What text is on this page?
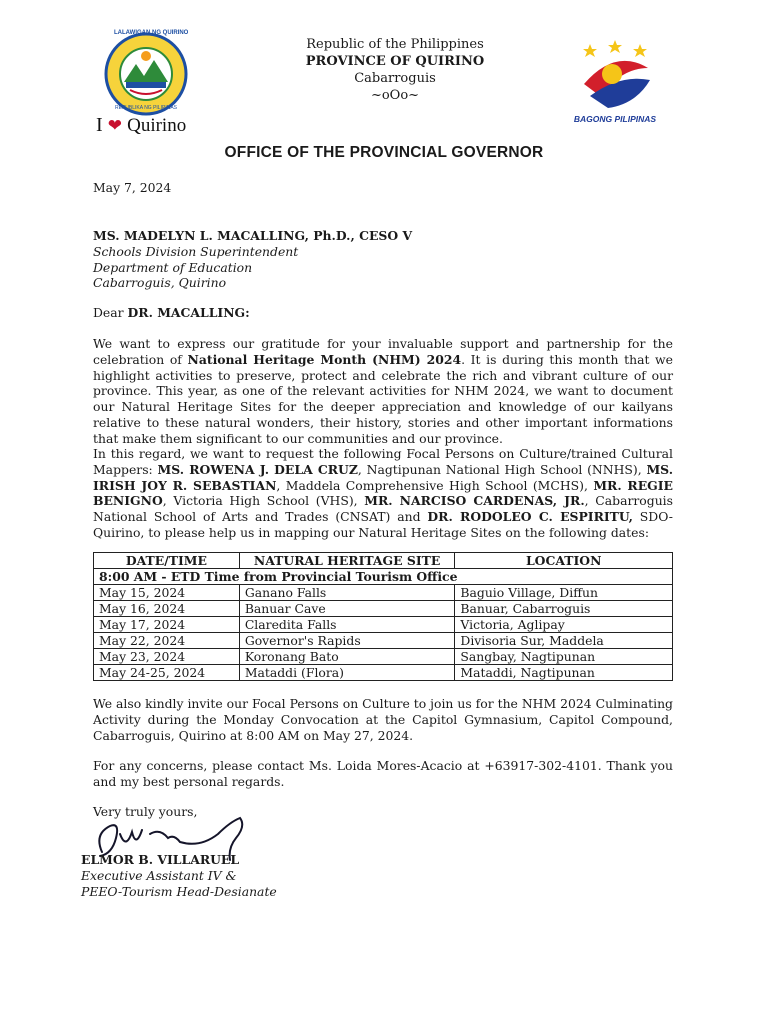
LALAWIGAN NG QUIRINO
REPUBLIKA NG PILIPINAS
I ❤ Quirino
Republic of the Philippines
PROVINCE OF QUIRINO
Cabarroguis
~oOo~
BAGONG PILIPINAS
OFFICE OF THE PROVINCIAL GOVERNOR
May 7, 2024
MS. MADELYN L. MACALLING, Ph.D., CESO V
Schools Division Superintendent
Department of Education
Cabarroguis, Quirino
Dear DR. MACALLING:
We want to express our gratitude for your invaluable support and partnership for the celebration of National Heritage Month (NHM) 2024. It is during this month that we highlight activities to preserve, protect and celebrate the rich and vibrant culture of our province. This year, as one of the relevant activities for NHM 2024, we want to document our Natural Heritage Sites for the deeper appreciation and knowledge of our kailyans relative to these natural wonders, their history, stories and other important informations that make them significant to our communities and our province.
In this regard, we want to request the following Focal Persons on Culture/trained Cultural Mappers: MS. ROWENA J. DELA CRUZ, Nagtipunan National High School (NNHS), MS. IRISH JOY R. SEBASTIAN, Maddela Comprehensive High School (MCHS), MR. REGIE BENIGNO, Victoria High School (VHS), MR. NARCISO CARDENAS, JR., Cabarroguis National School of Arts and Trades (CNSAT) and DR. RODOLEO C. ESPIRITU, SDO-Quirino, to please help us in mapping our Natural Heritage Sites on the following dates:
DATE/TIME	NATURAL HERITAGE SITE	LOCATION
8:00 AM - ETD Time from Provincial Tourism Office		
May 15, 2024	Ganano Falls	Baguio Village, Diffun
May 16, 2024	Banuar Cave	Banuar, Cabarroguis
May 17, 2024	Claredita Falls	Victoria, Aglipay
May 22, 2024	Governor's Rapids	Divisoria Sur, Maddela
May 23, 2024	Koronang Bato	Sangbay, Nagtipunan
May 24-25, 2024	Mataddi (Flora)	Mataddi, Nagtipunan
We also kindly invite our Focal Persons on Culture to join us for the NHM 2024 Culminating Activity during the Monday Convocation at the Capitol Gymnasium, Capitol Compound, Cabarroguis, Quirino at 8:00 AM on May 27, 2024.
For any concerns, please contact Ms. Loida Mores-Acacio at +63917-302-4101. Thank you and my best personal regards.
Very truly yours,
ELMOR B. VILLARUEL
Executive Assistant IV &
PEEO-Tourism Head-Desianate
